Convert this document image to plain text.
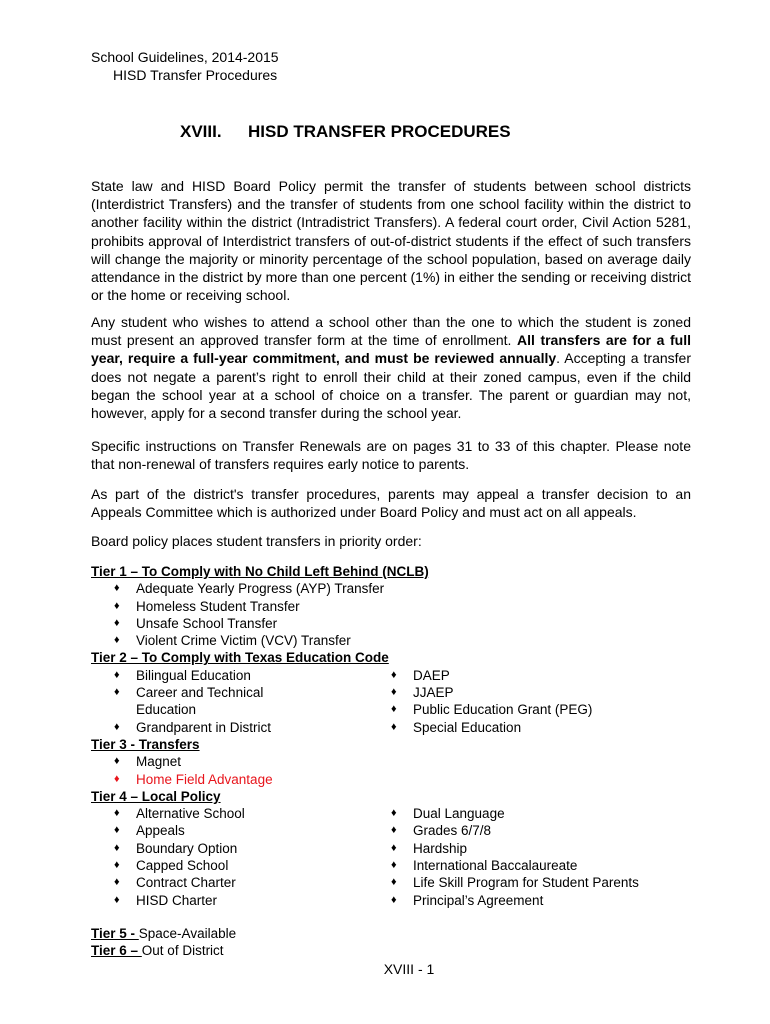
School Guidelines, 2014-2015
HISD Transfer Procedures
XVIII. HISD TRANSFER PROCEDURES

State law and HISD Board Policy permit the transfer of students between school districts (Interdistrict Transfers) and the transfer of students from one school facility within the district to another facility within the district (Intradistrict Transfers). A federal court order, Civil Action 5281, prohibits approval of Interdistrict transfers of out-of-district students if the effect of such transfers will change the majority or minority percentage of the school population, based on average daily attendance in the district by more than one percent (1%) in either the sending or receiving district or the home or receiving school.

Any student who wishes to attend a school other than the one to which the student is zoned must present an approved transfer form at the time of enrollment. All transfers are for a full year, require a full-year commitment, and must be reviewed annually. Accepting a transfer does not negate a parent’s right to enroll their child at their zoned campus, even if the child began the school year at a school of choice on a transfer. The parent or guardian may not, however, apply for a second transfer during the school year.

Specific instructions on Transfer Renewals are on pages 31 to 33 of this chapter. Please note that non-renewal of transfers requires early notice to parents.

As part of the district's transfer procedures, parents may appeal a transfer decision to an Appeals Committee which is authorized under Board Policy and must act on all appeals.

Board policy places student transfers in priority order:

Tier 1 – To Comply with No Child Left Behind (NCLB)
♦ Adequate Yearly Progress (AYP) Transfer
♦ Homeless Student Transfer
♦ Unsafe School Transfer
♦ Violent Crime Victim (VCV) Transfer
Tier 2 – To Comply with Texas Education Code
♦ Bilingual Education
♦ Career and Technical Education
♦ Grandparent in District
♦ DAEP
♦ JJAEP
♦ Public Education Grant (PEG)
♦ Special Education
Tier 3 - Transfers
♦ Magnet
♦ Home Field Advantage
Tier 4 – Local Policy
♦ Alternative School
♦ Appeals
♦ Boundary Option
♦ Capped School
♦ Contract Charter
♦ HISD Charter
♦ Dual Language
♦ Grades 6/7/8
♦ Hardship
♦ International Baccalaureate
♦ Life Skill Program for Student Parents
♦ Principal’s Agreement
Tier 5 - Space-Available
Tier 6 – Out of District
XVIII - 1
